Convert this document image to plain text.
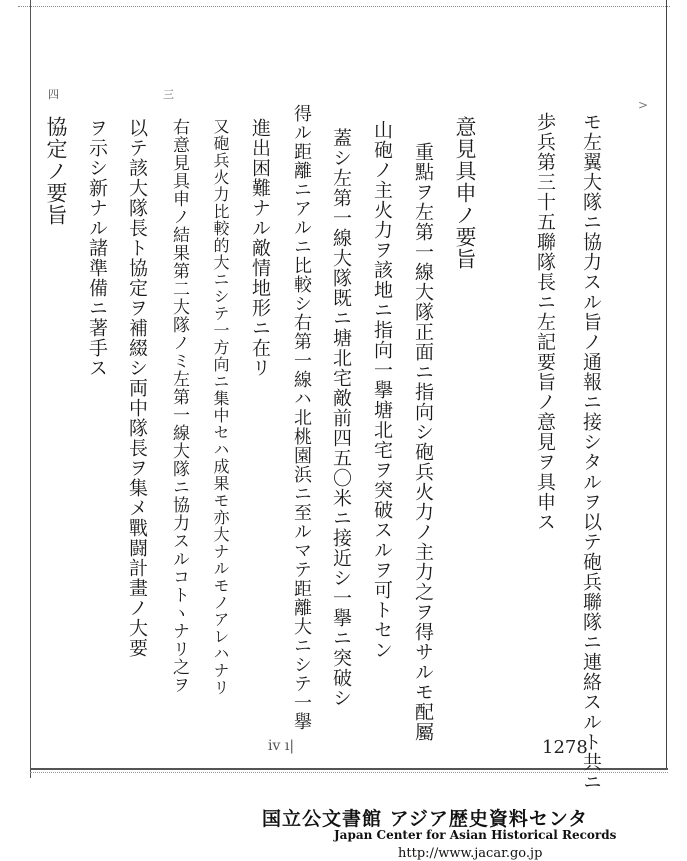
三
四
モ左翼大隊ニ協力スル旨ノ通報ニ接シタルヲ以テ砲兵聯隊ニ連絡スルト共ニ
歩兵第三十五聯隊長ニ左記要旨ノ意見ヲ具申ス
意見具申ノ要旨
重點ヲ左第一線大隊正面ニ指向シ砲兵火力ノ主力之ヲ得サルモ配屬
山砲ノ主火力ヲ該地ニ指向一擧塘北宅ヲ突破スルヲ可トセン
蓋シ左第一線大隊既ニ塘北宅敵前四五〇米ニ接近シ一擧ニ突破シ
得ル距離ニアルニ比較シ右第一線ハ北桃園浜ニ至ルマテ距離大ニシテ一擧
進出困難ナル敵情地形ニ在リ
又砲兵火力比較的大ニシテ一方向ニ集中セハ成果モ亦大ナルモノアレハナリ
右意見具申ノ結果第二大隊ノミ左第一線大隊ニ協力スルコトヽナリ之ヲ
以テ該大隊長ト協定ヲ補綴シ両中隊長ヲ集メ戰闘計畫ノ大要
ヲ示シ新ナル諸準備ニ著手ス
協定ノ要旨
>
ⅳ ı|	1278
国立公文書館 アジア歴史資料センタ
Japan Center for Asian Historical Records
http://www.jacar.go.jp
